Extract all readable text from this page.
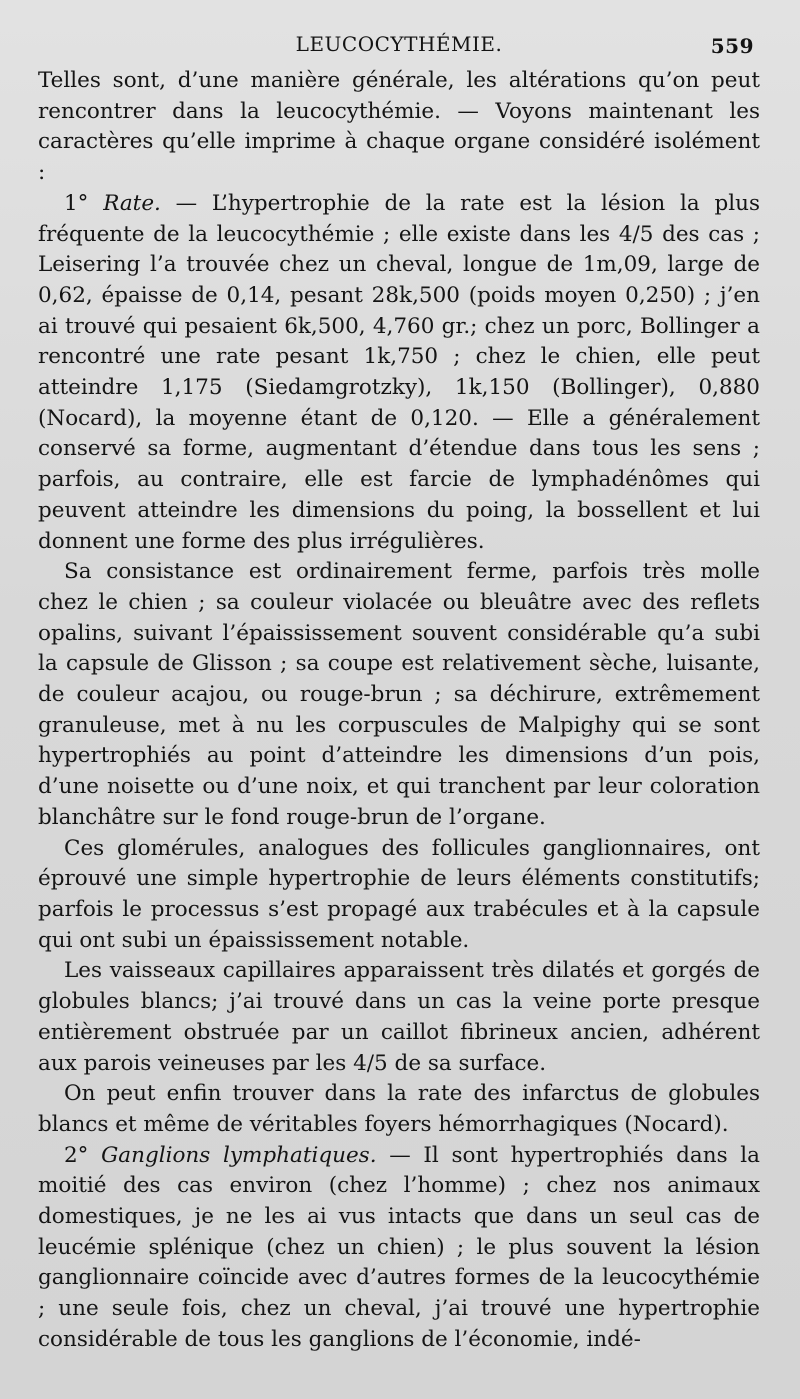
LEUCOCYTHÉMIE.	559

Telles sont, d’une manière générale, les altérations qu’on peut rencontrer dans la leucocythémie. — Voyons maintenant les caractères qu’elle imprime à chaque organe considéré isolément :

1° Rate. — L’hypertrophie de la rate est la lésion la plus fréquente de la leucocythémie ; elle existe dans les 4/5 des cas ; Leisering l’a trouvée chez un cheval, longue de 1m,09, large de 0,62, épaisse de 0,14, pesant 28k,500 (poids moyen 0,250) ; j’en ai trouvé qui pesaient 6k,500, 4,760 gr.; chez un porc, Bollinger a rencontré une rate pesant 1k,750 ; chez le chien, elle peut atteindre 1,175 (Siedamgrotzky), 1k,150 (Bollinger), 0,880 (Nocard), la moyenne étant de 0,120. — Elle a généralement conservé sa forme, augmentant d’étendue dans tous les sens ; parfois, au contraire, elle est farcie de lymphadénômes qui peuvent atteindre les dimensions du poing, la bossellent et lui donnent une forme des plus irrégulières.

Sa consistance est ordinairement ferme, parfois très molle chez le chien ; sa couleur violacée ou bleuâtre avec des reflets opalins, suivant l’épaississement souvent considérable qu’a subi la capsule de Glisson ; sa coupe est relativement sèche, luisante, de couleur acajou, ou rouge-brun ; sa déchirure, extrêmement granuleuse, met à nu les corpuscules de Malpighy qui se sont hypertrophiés au point d’atteindre les dimensions d’un pois, d’une noisette ou d’une noix, et qui tranchent par leur coloration blanchâtre sur le fond rouge-brun de l’organe.

Ces glomérules, analogues des follicules ganglionnaires, ont éprouvé une simple hypertrophie de leurs éléments constitutifs; parfois le processus s’est propagé aux trabécules et à la capsule qui ont subi un épaississement notable.

Les vaisseaux capillaires apparaissent très dilatés et gorgés de globules blancs; j’ai trouvé dans un cas la veine porte presque entièrement obstruée par un caillot fibrineux ancien, adhérent aux parois veineuses par les 4/5 de sa surface.

On peut enfin trouver dans la rate des infarctus de globules blancs et même de véritables foyers hémorrhagiques (Nocard).

2° Ganglions lymphatiques. — Il sont hypertrophiés dans la moitié des cas environ (chez l’homme) ; chez nos animaux domestiques, je ne les ai vus intacts que dans un seul cas de leucémie splénique (chez un chien) ; le plus souvent la lésion ganglionnaire coïncide avec d’autres formes de la leucocythémie ; une seule fois, chez un cheval, j’ai trouvé une hypertrophie considérable de tous les ganglions de l’économie, indé-
